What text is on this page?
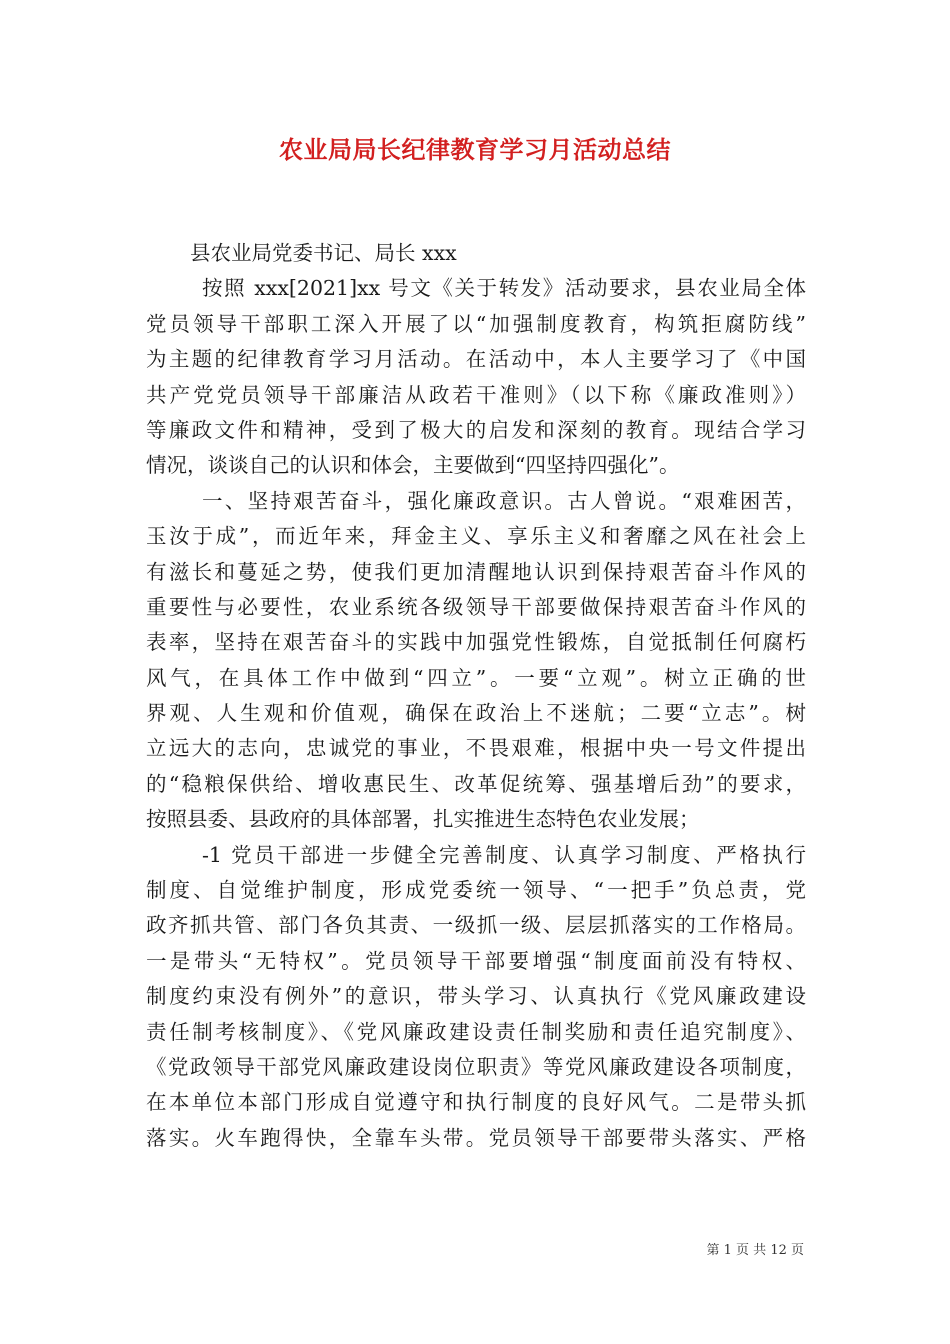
农业局局长纪律教育学习月活动总结
县农业局党委书记、局长 xxx
按照 xxx[2021]xx 号文《关于转发》活动要求，县农业局全体
党员领导干部职工深入开展了以“加强制度教育，构筑拒腐防线”
为主题的纪律教育学习月活动。在活动中，本人主要学习了《中国
共产党党员领导干部廉洁从政若干准则》（以下称《廉政准则》）
等廉政文件和精神，受到了极大的启发和深刻的教育。现结合学习
情况，谈谈自己的认识和体会，主要做到“四坚持四强化”。
一、坚持艰苦奋斗，强化廉政意识。古人曾说。“艰难困苦，
玉汝于成”，而近年来，拜金主义、享乐主义和奢靡之风在社会上
有滋长和蔓延之势，使我们更加清醒地认识到保持艰苦奋斗作风的
重要性与必要性，农业系统各级领导干部要做保持艰苦奋斗作风的
表率，坚持在艰苦奋斗的实践中加强党性锻炼，自觉抵制任何腐朽
风气，在具体工作中做到“四立”。一要“立观”。树立正确的世
界观、人生观和价值观，确保在政治上不迷航；二要“立志”。树
立远大的志向，忠诚党的事业，不畏艰难，根据中央一号文件提出
的“稳粮保供给、增收惠民生、改革促统筹、强基增后劲”的要求，
按照县委、县政府的具体部署，扎实推进生态特色农业发展；
-1 党员干部进一步健全完善制度、认真学习制度、严格执行
制度、自觉维护制度，形成党委统一领导、“一把手”负总责，党
政齐抓共管、部门各负其责、一级抓一级、层层抓落实的工作格局。
一是带头“无特权”。党员领导干部要增强“制度面前没有特权、
制度约束没有例外”的意识，带头学习、认真执行《党风廉政建设
责任制考核制度》、《党风廉政建设责任制奖励和责任追究制度》、
《党政领导干部党风廉政建设岗位职责》等党风廉政建设各项制度，
在本单位本部门形成自觉遵守和执行制度的良好风气。二是带头抓
落实。火车跑得快，全靠车头带。党员领导干部要带头落实、严格
第 1 页 共 12 页
